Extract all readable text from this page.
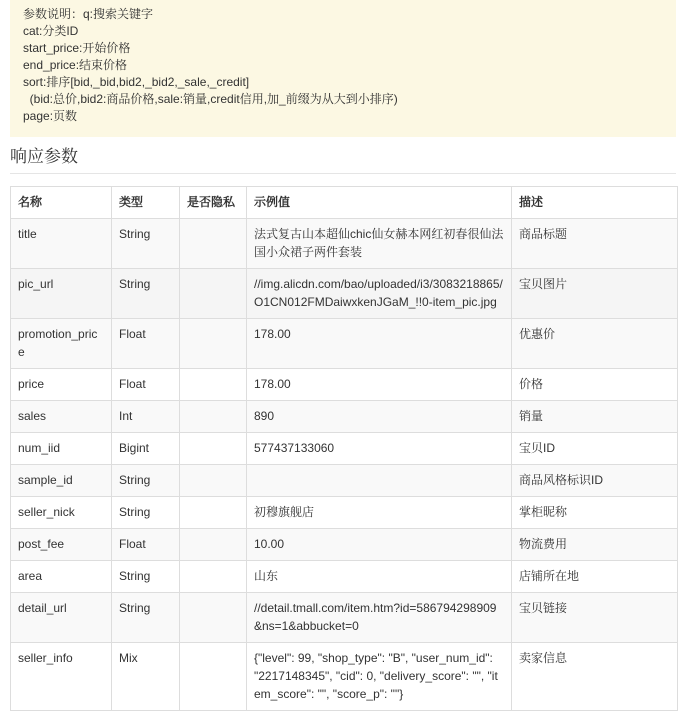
参数说明：q:搜索关键字
cat:分类ID
start_price:开始价格
end_price:结束价格
sort:排序[bid,_bid,bid2,_bid2,_sale,_credit]
(bid:总价,bid2:商品价格,sale:销量,credit信用,加_前缀为从大到小排序)
page:页数
响应参数
名称	类型	是否隐私	示例值	描述
title	String		法式复古山本超仙chic仙女赫本网红初春很仙法国小众裙子两件套装	商品标题
pic_url	String		//img.alicdn.com/bao/uploaded/i3/3083218865/O1CN012FMDaiwxkenJGaM_!!0-item_pic.jpg	宝贝图片
promotion_price	Float		178.00	优惠价
price	Float		178.00	价格
sales	Int		890	销量
num_iid	Bigint		577437133060	宝贝ID
sample_id	String			商品风格标识ID
seller_nick	String		初穆旗舰店	掌柜昵称
post_fee	Float		10.00	物流费用
area	String		山东	店铺所在地
detail_url	String		//detail.tmall.com/item.htm?id=586794298909&ns=1&abbucket=0	宝贝链接
seller_info	Mix		{"level": 99, "shop_type": "B", "user_num_id": "2217148345", "cid": 0, "delivery_score": "", "item_score": "", "score_p": ""}	卖家信息
